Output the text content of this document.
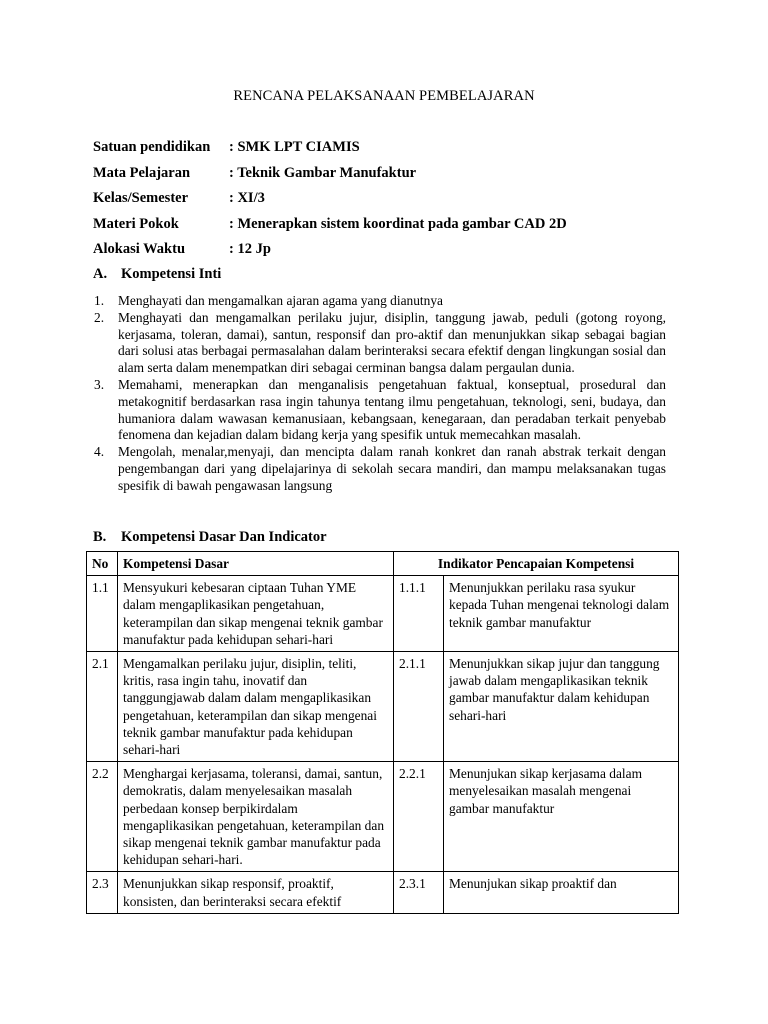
RENCANA PELAKSANAAN PEMBELAJARAN
Satuan pendidikan	: SMK LPT CIAMIS
Mata Pelajaran	: Teknik Gambar Manufaktur
Kelas/Semester	: XI/3
Materi Pokok	: Menerapkan sistem koordinat pada gambar CAD 2D
Alokasi Waktu	: 12 Jp
A. Kompetensi Inti
1.	Menghayati dan mengamalkan ajaran agama yang dianutnya
2.	Menghayati dan mengamalkan perilaku jujur, disiplin, tanggung jawab, peduli (gotong royong, kerjasama, toleran, damai), santun, responsif dan pro-aktif dan menunjukkan sikap sebagai bagian dari solusi atas berbagai permasalahan dalam berinteraksi secara efektif dengan lingkungan sosial dan alam serta dalam menempatkan diri sebagai cerminan bangsa dalam pergaulan dunia.
3.	Memahami, menerapkan dan menganalisis pengetahuan faktual, konseptual, prosedural dan metakognitif berdasarkan rasa ingin tahunya tentang ilmu pengetahuan, teknologi, seni, budaya, dan humaniora dalam wawasan kemanusiaan, kebangsaan, kenegaraan, dan peradaban terkait penyebab fenomena dan kejadian dalam bidang kerja yang spesifik untuk memecahkan masalah.
4.	Mengolah, menalar,menyaji, dan mencipta dalam ranah konkret dan ranah abstrak terkait dengan pengembangan dari yang dipelajarinya di sekolah secara mandiri, dan mampu melaksanakan tugas spesifik di bawah pengawasan langsung
B. Kompetensi Dasar Dan Indicator
No	Kompetensi Dasar	Indikator Pencapaian Kompetensi	
1.1	Mensyukuri kebesaran ciptaan Tuhan YME dalam mengaplikasikan pengetahuan, keterampilan dan sikap mengenai teknik gambar manufaktur pada kehidupan sehari-hari	1.1.1	Menunjukkan perilaku rasa syukur kepada Tuhan mengenai teknologi dalam teknik gambar manufaktur
2.1	Mengamalkan perilaku jujur, disiplin, teliti, kritis, rasa ingin tahu, inovatif dan tanggungjawab dalam dalam mengaplikasikan pengetahuan, keterampilan dan sikap mengenai teknik gambar manufaktur pada kehidupan sehari-hari	2.1.1	Menunjukkan sikap jujur dan tanggung jawab dalam mengaplikasikan teknik gambar manufaktur dalam kehidupan sehari-hari
2.2	Menghargai kerjasama, toleransi, damai, santun, demokratis, dalam menyelesaikan masalah perbedaan konsep berpikirdalam mengaplikasikan pengetahuan, keterampilan dan sikap mengenai teknik gambar manufaktur pada kehidupan sehari-hari.	2.2.1	Menunjukan sikap kerjasama dalam menyelesaikan masalah mengenai gambar manufaktur
2.3	Menunjukkan sikap responsif, proaktif, konsisten, dan berinteraksi secara efektif	2.3.1	Menunjukan sikap proaktif dan
